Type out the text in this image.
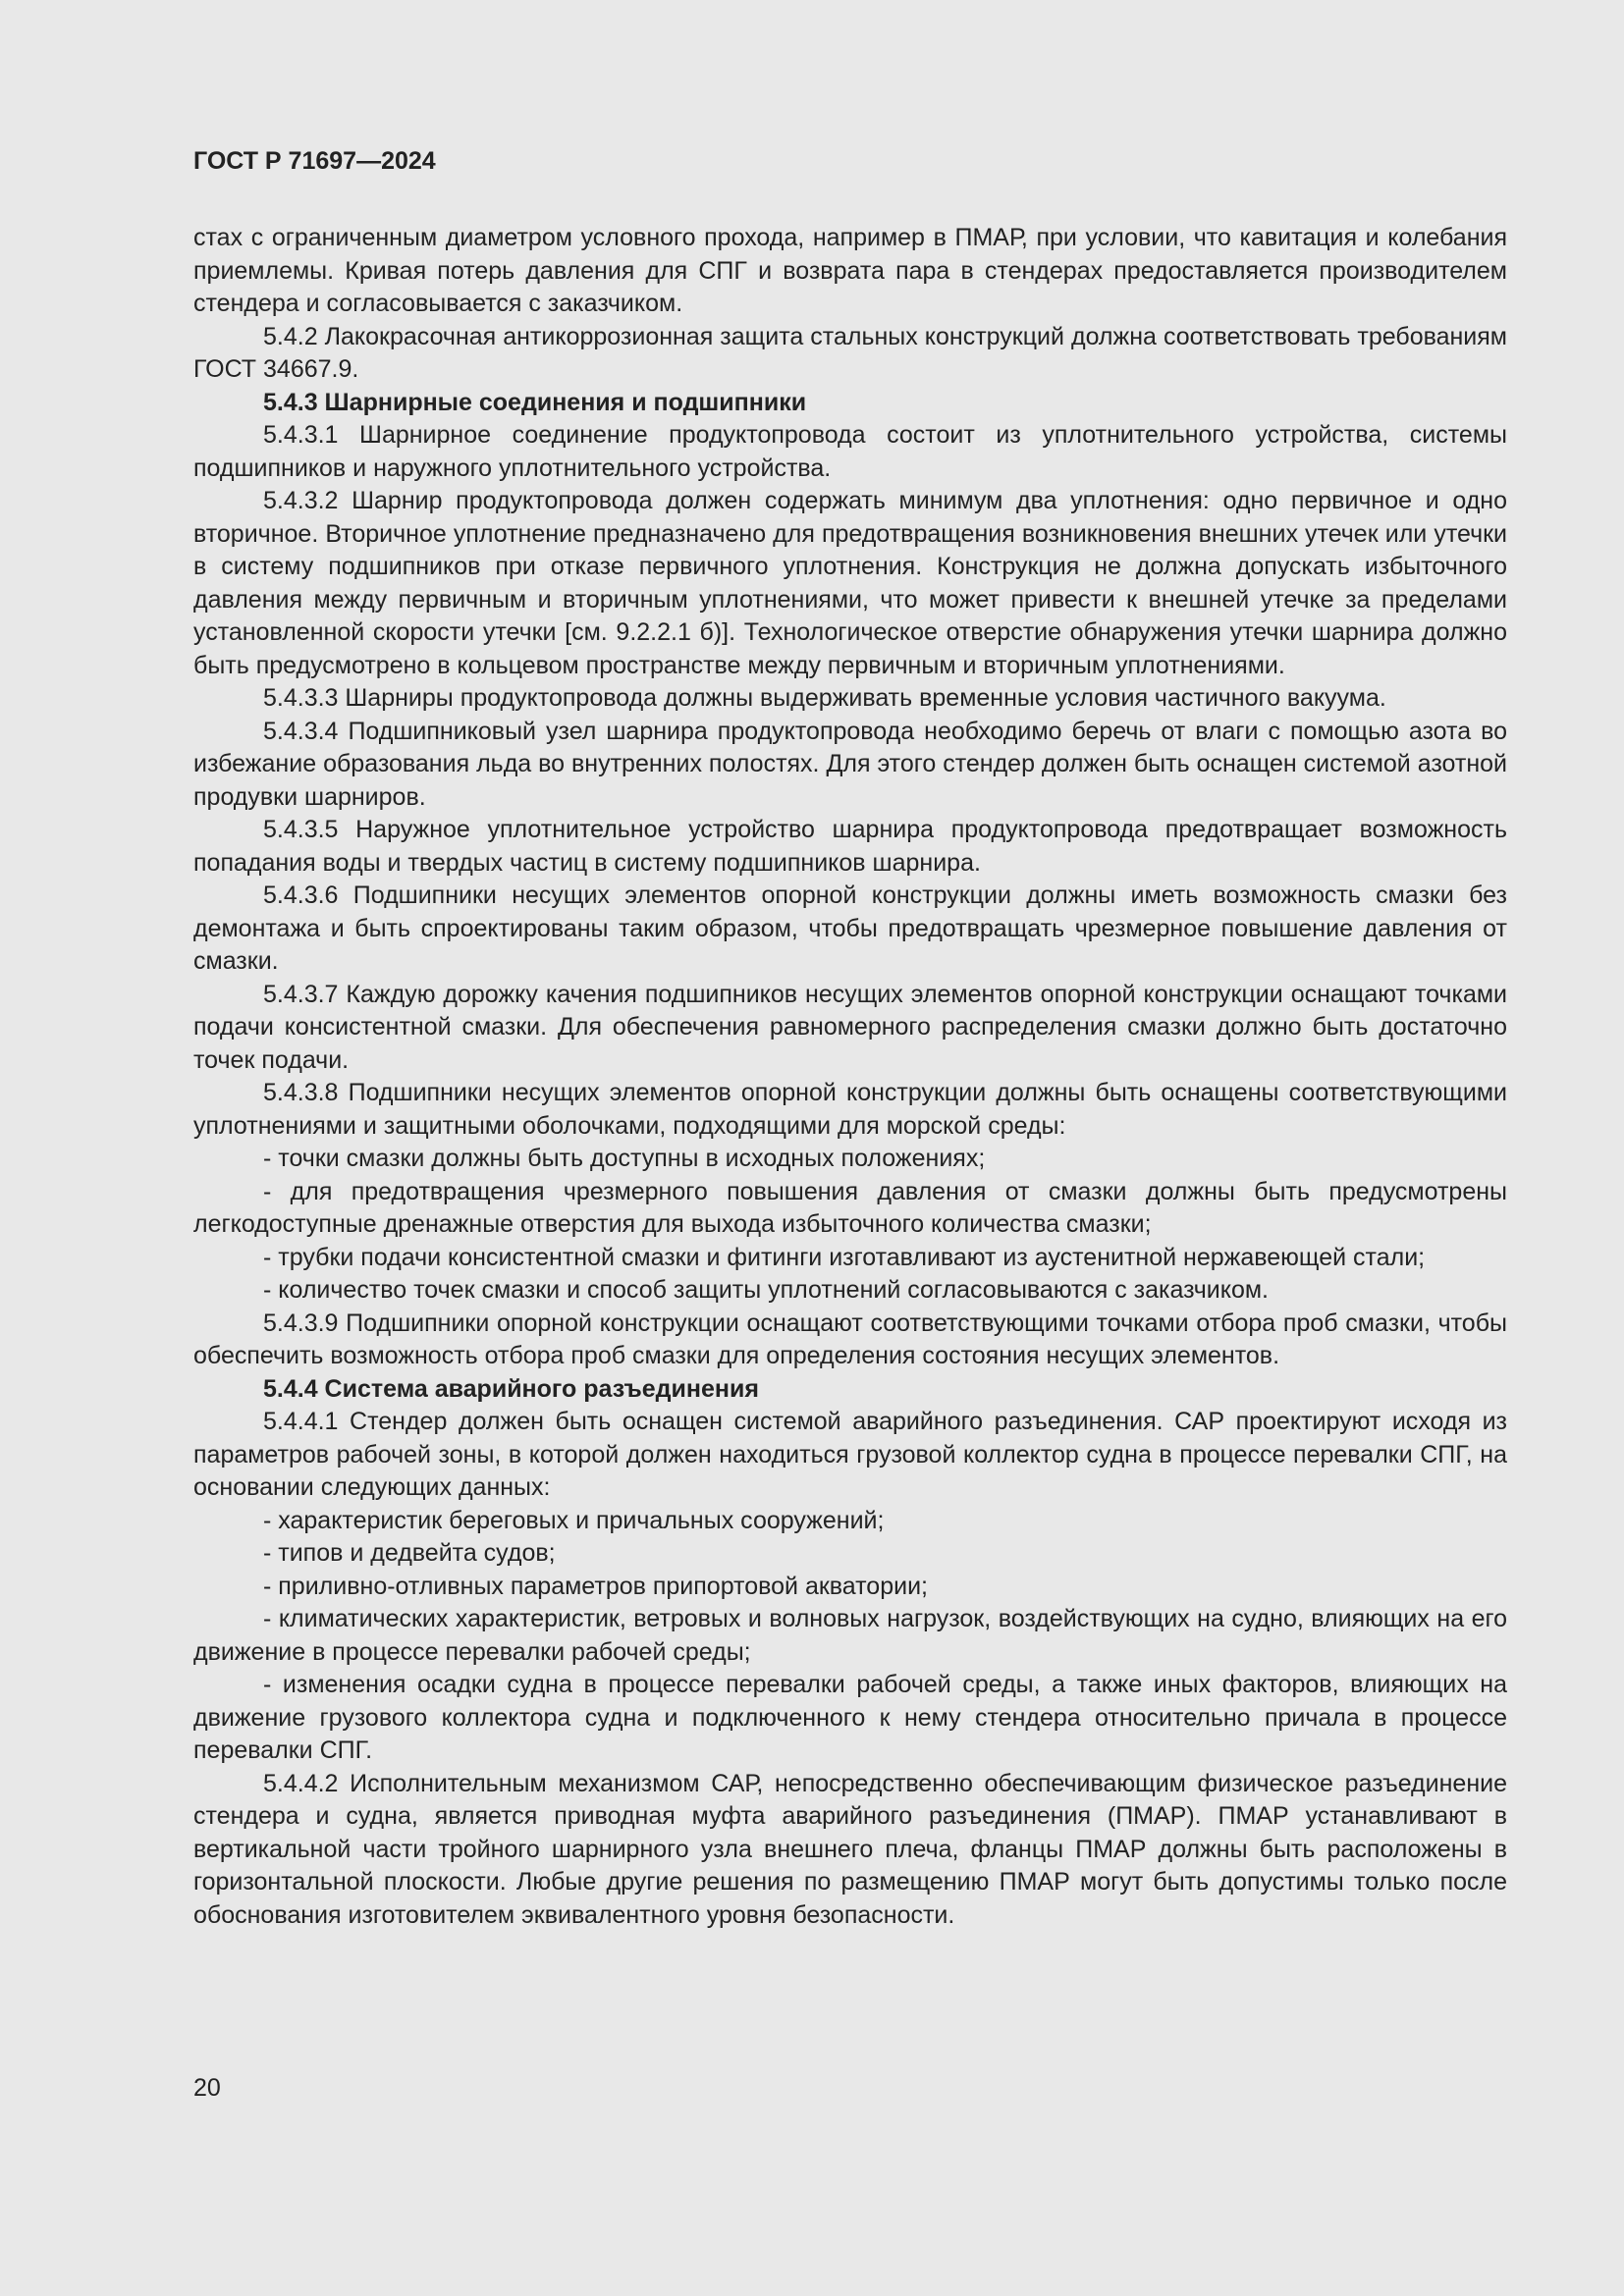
ГОСТ Р 71697—2024

стах с ограниченным диаметром условного прохода, например в ПМАР, при условии, что кавитация и колебания приемлемы. Кривая потерь давления для СПГ и возврата пара в стендерах предоставляется производителем стендера и согласовывается с заказчиком.

5.4.2 Лакокрасочная антикоррозионная защита стальных конструкций должна соответствовать требованиям ГОСТ 34667.9.

5.4.3 Шарнирные соединения и подшипники

5.4.3.1 Шарнирное соединение продуктопровода состоит из уплотнительного устройства, системы подшипников и наружного уплотнительного устройства.

5.4.3.2 Шарнир продуктопровода должен содержать минимум два уплотнения: одно первичное и одно вторичное. Вторичное уплотнение предназначено для предотвращения возникновения внешних утечек или утечки в систему подшипников при отказе первичного уплотнения. Конструкция не должна допускать избыточного давления между первичным и вторичным уплотнениями, что может привести к внешней утечке за пределами установленной скорости утечки [см. 9.2.2.1 б)]. Технологическое отверстие обнаружения утечки шарнира должно быть предусмотрено в кольцевом пространстве между первичным и вторичным уплотнениями.

5.4.3.3 Шарниры продуктопровода должны выдерживать временные условия частичного вакуума.

5.4.3.4 Подшипниковый узел шарнира продуктопровода необходимо беречь от влаги с помощью азота во избежание образования льда во внутренних полостях. Для этого стендер должен быть оснащен системой азотной продувки шарниров.

5.4.3.5 Наружное уплотнительное устройство шарнира продуктопровода предотвращает возможность попадания воды и твердых частиц в систему подшипников шарнира.

5.4.3.6 Подшипники несущих элементов опорной конструкции должны иметь возможность смазки без демонтажа и быть спроектированы таким образом, чтобы предотвращать чрезмерное повышение давления от смазки.

5.4.3.7 Каждую дорожку качения подшипников несущих элементов опорной конструкции оснащают точками подачи консистентной смазки. Для обеспечения равномерного распределения смазки должно быть достаточно точек подачи.

5.4.3.8 Подшипники несущих элементов опорной конструкции должны быть оснащены соответствующими уплотнениями и защитными оболочками, подходящими для морской среды:

- точки смазки должны быть доступны в исходных положениях;

- для предотвращения чрезмерного повышения давления от смазки должны быть предусмотрены легкодоступные дренажные отверстия для выхода избыточного количества смазки;

- трубки подачи консистентной смазки и фитинги изготавливают из аустенитной нержавеющей стали;

- количество точек смазки и способ защиты уплотнений согласовываются с заказчиком.

5.4.3.9 Подшипники опорной конструкции оснащают соответствующими точками отбора проб смазки, чтобы обеспечить возможность отбора проб смазки для определения состояния несущих элементов.

5.4.4 Система аварийного разъединения

5.4.4.1 Стендер должен быть оснащен системой аварийного разъединения. САР проектируют исходя из параметров рабочей зоны, в которой должен находиться грузовой коллектор судна в процессе перевалки СПГ, на основании следующих данных:

- характеристик береговых и причальных сооружений;

- типов и дедвейта судов;

- приливно-отливных параметров припортовой акватории;

- климатических характеристик, ветровых и волновых нагрузок, воздействующих на судно, влияющих на его движение в процессе перевалки рабочей среды;

- изменения осадки судна в процессе перевалки рабочей среды, а также иных факторов, влияющих на движение грузового коллектора судна и подключенного к нему стендера относительно причала в процессе перевалки СПГ.

5.4.4.2 Исполнительным механизмом САР, непосредственно обеспечивающим физическое разъединение стендера и судна, является приводная муфта аварийного разъединения (ПМАР). ПМАР устанавливают в вертикальной части тройного шарнирного узла внешнего плеча, фланцы ПМАР должны быть расположены в горизонтальной плоскости. Любые другие решения по размещению ПМАР могут быть допустимы только после обоснования изготовителем эквивалентного уровня безопасности.

20
